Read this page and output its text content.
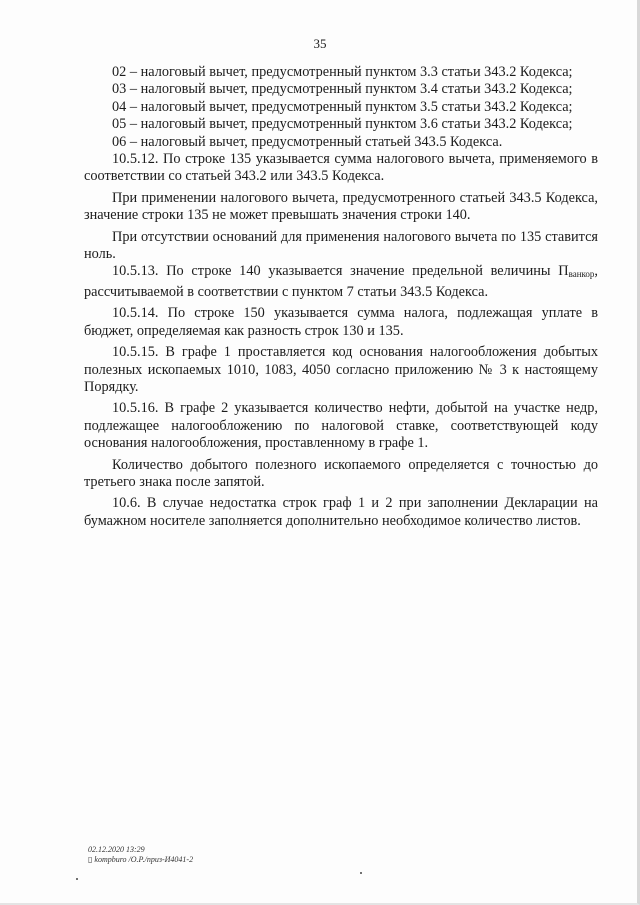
35

02 – налоговый вычет, предусмотренный пунктом 3.3 статьи 343.2 Кодекса;

03 – налоговый вычет, предусмотренный пунктом 3.4 статьи 343.2 Кодекса;

04 – налоговый вычет, предусмотренный пунктом 3.5 статьи 343.2 Кодекса;

05 – налоговый вычет, предусмотренный пунктом 3.6 статьи 343.2 Кодекса;

06 – налоговый вычет, предусмотренный статьей 343.5 Кодекса.

10.5.12. По строке 135 указывается сумма налогового вычета, применяемого в соответствии со статьей 343.2 или 343.5 Кодекса.

При применении налогового вычета, предусмотренного статьей 343.5 Кодекса, значение строки 135 не может превышать значения строки 140.

При отсутствии оснований для применения налогового вычета по 135 ставится ноль.

10.5.13. По строке 140 указывается значение предельной величины $П_{ванкор}$, рассчитываемой в соответствии с пунктом 7 статьи 343.5 Кодекса.

10.5.14. По строке 150 указывается сумма налога, подлежащая уплате в бюджет, определяемая как разность строк 130 и 135.

10.5.15. В графе 1 проставляется код основания налогообложения добытых полезных ископаемых 1010, 1083, 4050 согласно приложению № 3 к настоящему Порядку.

10.5.16. В графе 2 указывается количество нефти, добытой на участке недр, подлежащее налогообложению по налоговой ставке, соответствующей коду основания налогообложения, проставленному в графе 1.

Количество добытого полезного ископаемого определяется с точностью до третьего знака после запятой.

10.6. В случае недостатка строк граф 1 и 2 при заполнении Декларации на бумажном носителе заполняется дополнительно необходимое количество листов.

02.12.2020 13:29
▯ kompburo /О.Р./приз-И4041-2
